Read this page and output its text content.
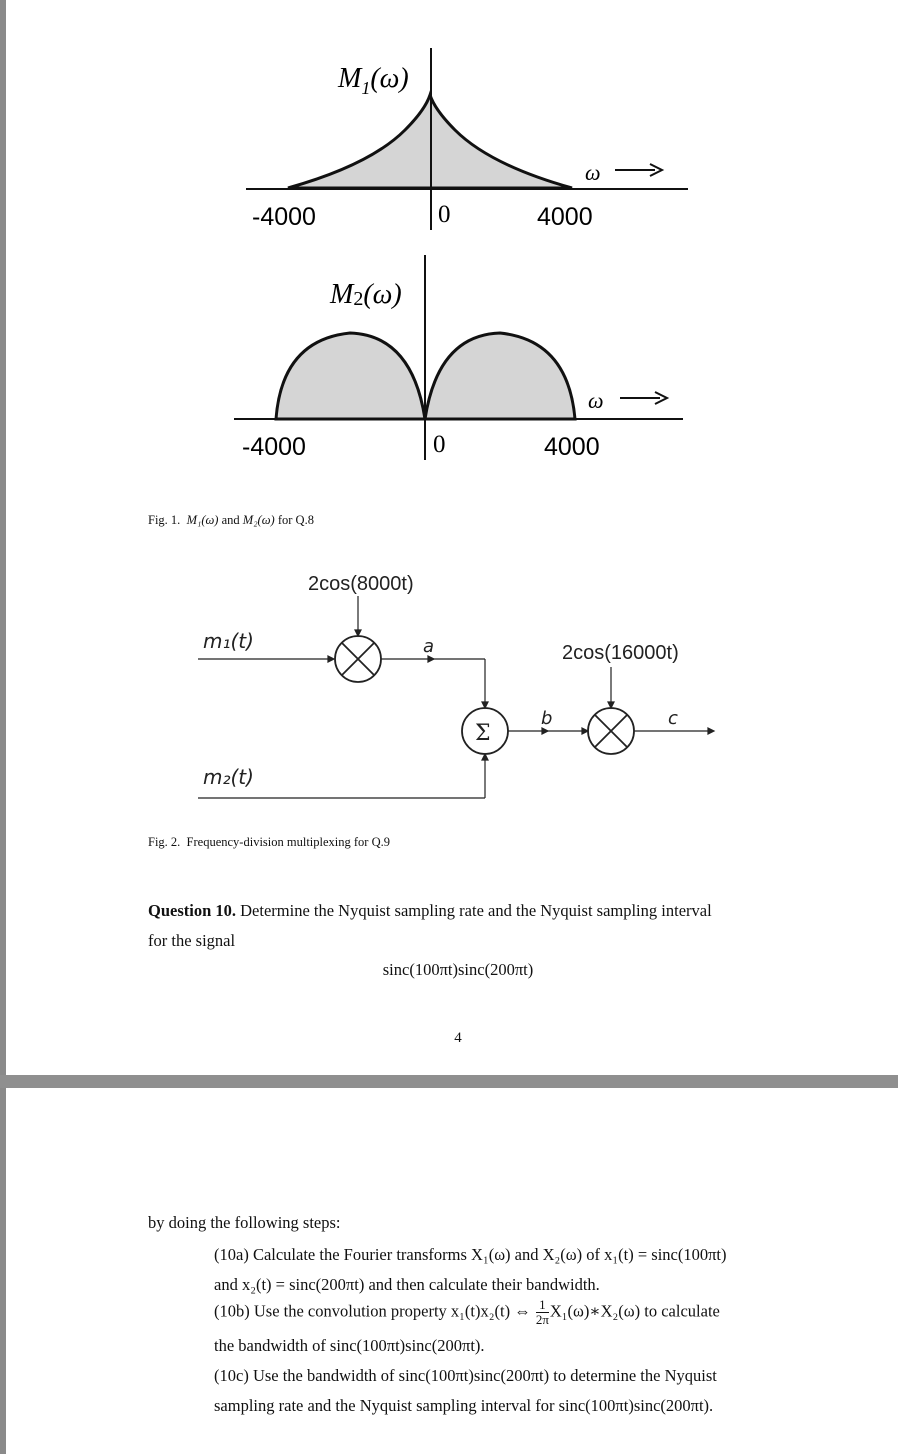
$M_1(\omega)$
-4000	0	4000
ω
M2(ω)
-4000	0	4000
ω
2cos(8000t)
2cos(16000t)
m₁(t)
m₂(t)
a
b	c
Σ
Fig. 1. M₁(ω) and M₂(ω) for Q.8
Fig. 2.  Frequency-division multiplexing for Q.9
Question 10. Determine the Nyquist sampling rate and the Nyquist sampling interval
for the signal
sinc(100πt)sinc(200πt)
4
by doing the following steps:
(10a) Calculate the Fourier transforms X₁(ω) and X₂(ω) of x₁(t) = sinc(100πt)
and x₂(t) = sinc(200πt) and then calculate their bandwidth.
(10b) Use the convolution property x₁(t)x₂(t) ⇔ $\frac{1}{2\pi}$ X₁(ω)∗X₂(ω) to calculate
the bandwidth of sinc(100πt)sinc(200πt).
(10c) Use the bandwidth of sinc(100πt)sinc(200πt) to determine the Nyquist
sampling rate and the Nyquist sampling interval for sinc(100πt)sinc(200πt).
